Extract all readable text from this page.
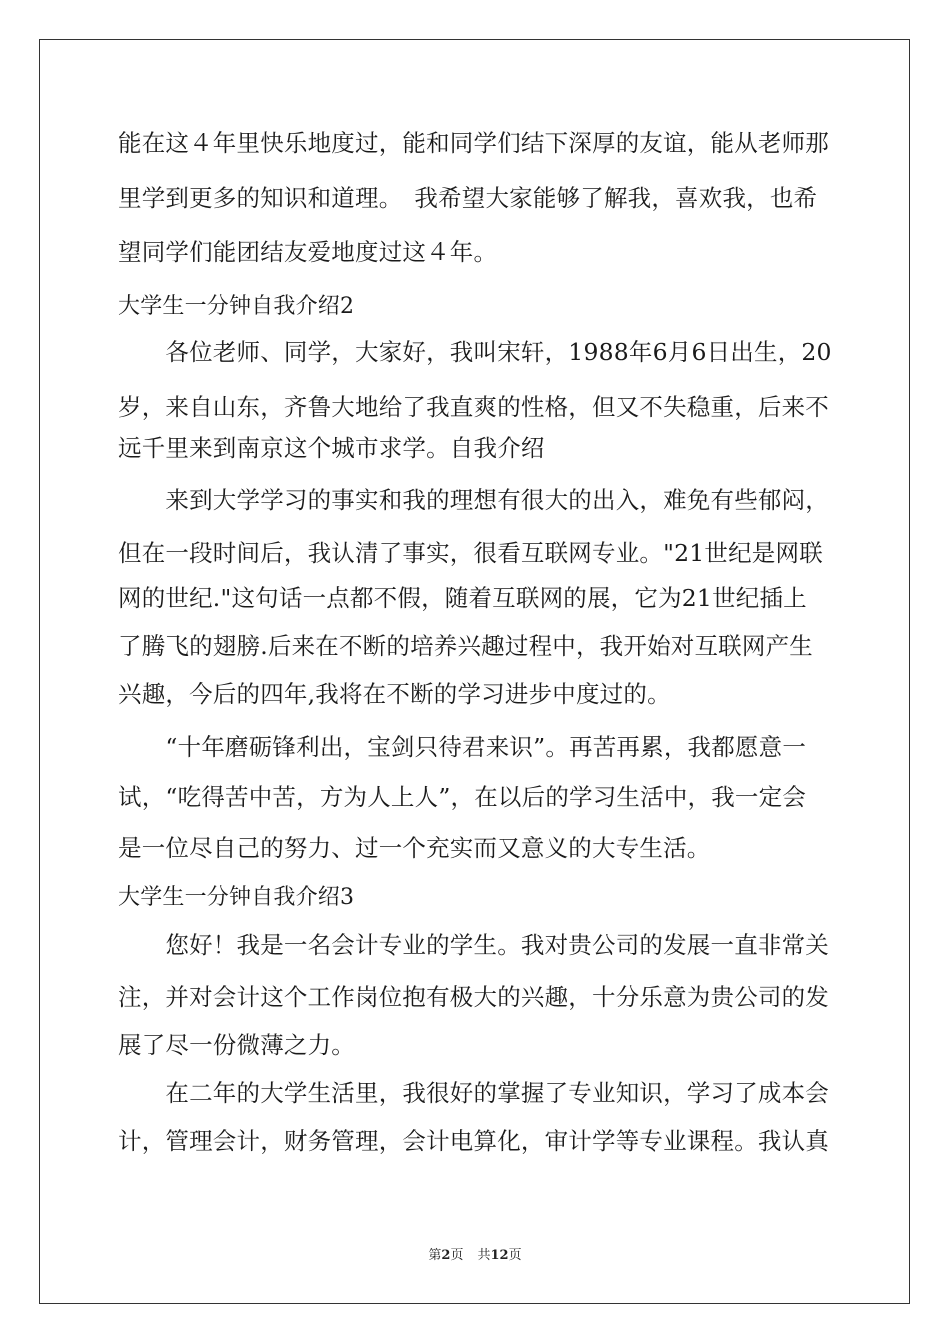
能在这４年里快乐地度过，能和同学们结下深厚的友谊，能从老师那
里学到更多的知识和道理。　我希望大家能够了解我，喜欢我，也希
望同学们能团结友爱地度过这４年。
大学生一分钟自我介绍2
　　各位老师、同学，大家好，我叫宋轩，1988年6月6日出生，20
岁，来自山东，齐鲁大地给了我直爽的性格，但又不失稳重，后来不
远千里来到南京这个城市求学。自我介绍
　　来到大学学习的事实和我的理想有很大的出入，难免有些郁闷，
但在一段时间后，我认清了事实，很看互联网专业。"21世纪是网联
网的世纪."这句话一点都不假，随着互联网的展，它为21世纪插上
了腾飞的翅膀.后来在不断的培养兴趣过程中，我开始对互联网产生
兴趣，今后的四年,我将在不断的学习进步中度过的。
　　“十年磨砺锋利出，宝剑只待君来识”。再苦再累，我都愿意一
试，“吃得苦中苦，方为人上人”，在以后的学习生活中，我一定会
是一位尽自己的努力、过一个充实而又意义的大专生活。
大学生一分钟自我介绍3
　　您好！我是一名会计专业的学生。我对贵公司的发展一直非常关
注，并对会计这个工作岗位抱有极大的兴趣，十分乐意为贵公司的发
展了尽一份微薄之力。
　　在二年的大学生活里，我很好的掌握了专业知识，学习了成本会
计，管理会计，财务管理，会计电算化，审计学等专业课程。我认真
第2页 共12页
